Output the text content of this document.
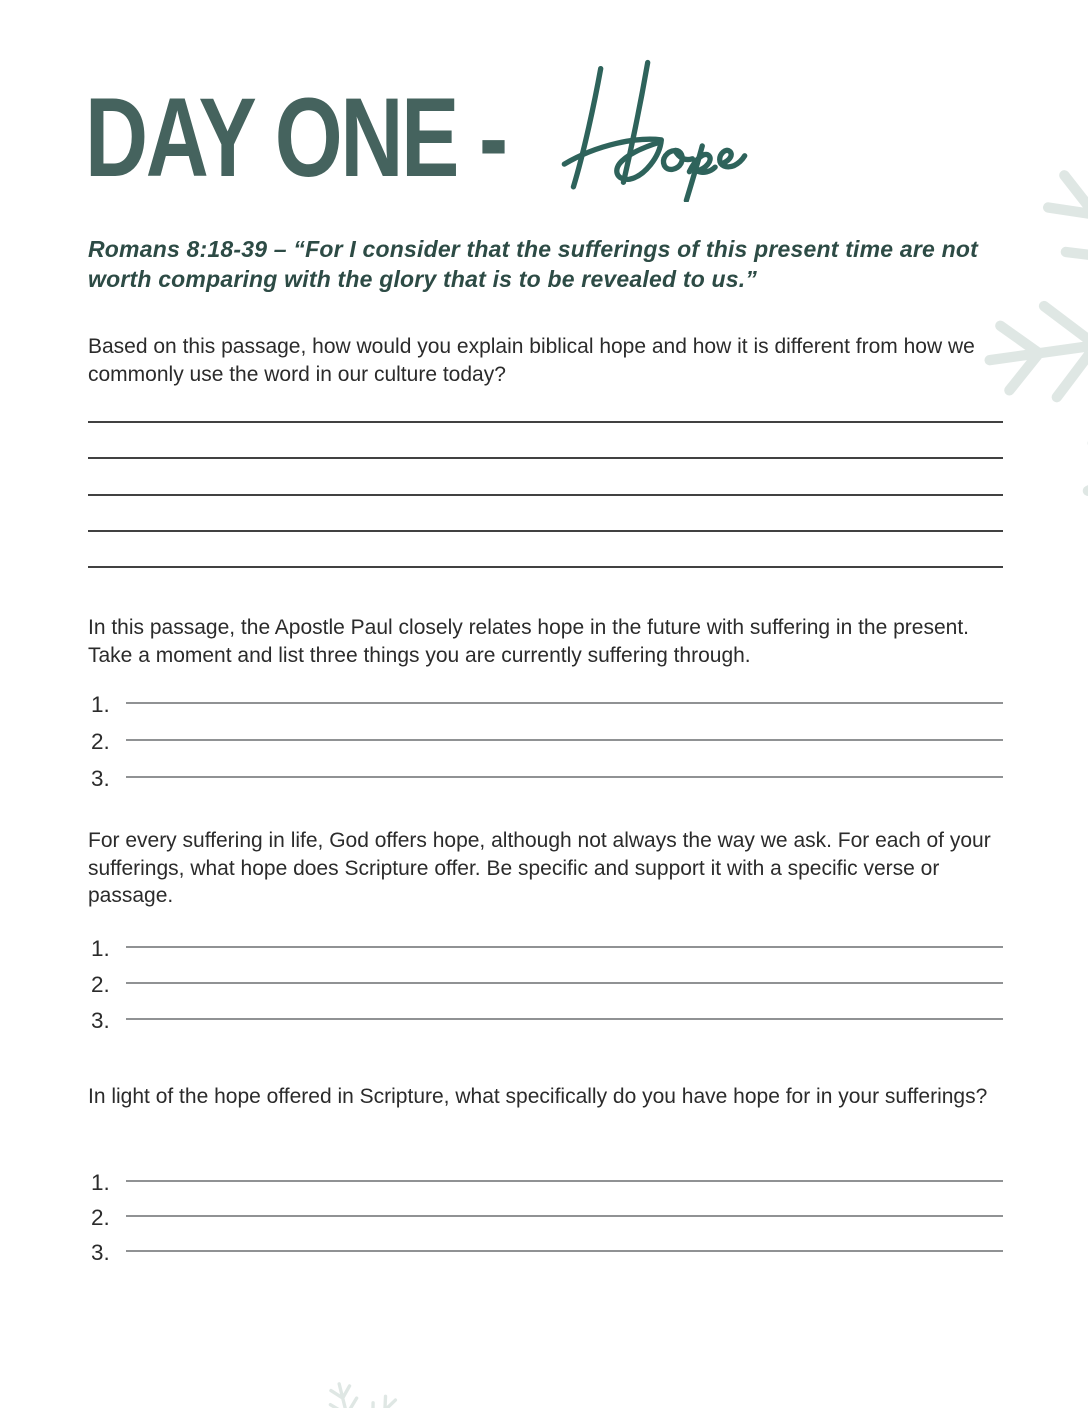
DAY ONE -

Romans 8:18-39 – “For I consider that the sufferings of this present time are not worth comparing with the glory that is to be revealed to us.”

Based on this passage, how would you explain biblical hope and how it is different from how we commonly use the word in our culture today?

In this passage, the Apostle Paul closely relates hope in the future with suffering in the present. Take a moment and list three things you are currently suffering through.

1.
2.
3.

For every suffering in life, God offers hope, although not always the way we ask. For each of your sufferings, what hope does Scripture offer. Be specific and support it with a specific verse or passage.

1.
2.
3.

In light of the hope offered in Scripture, what specifically do you have hope for in your sufferings?

1.
2.
3.
